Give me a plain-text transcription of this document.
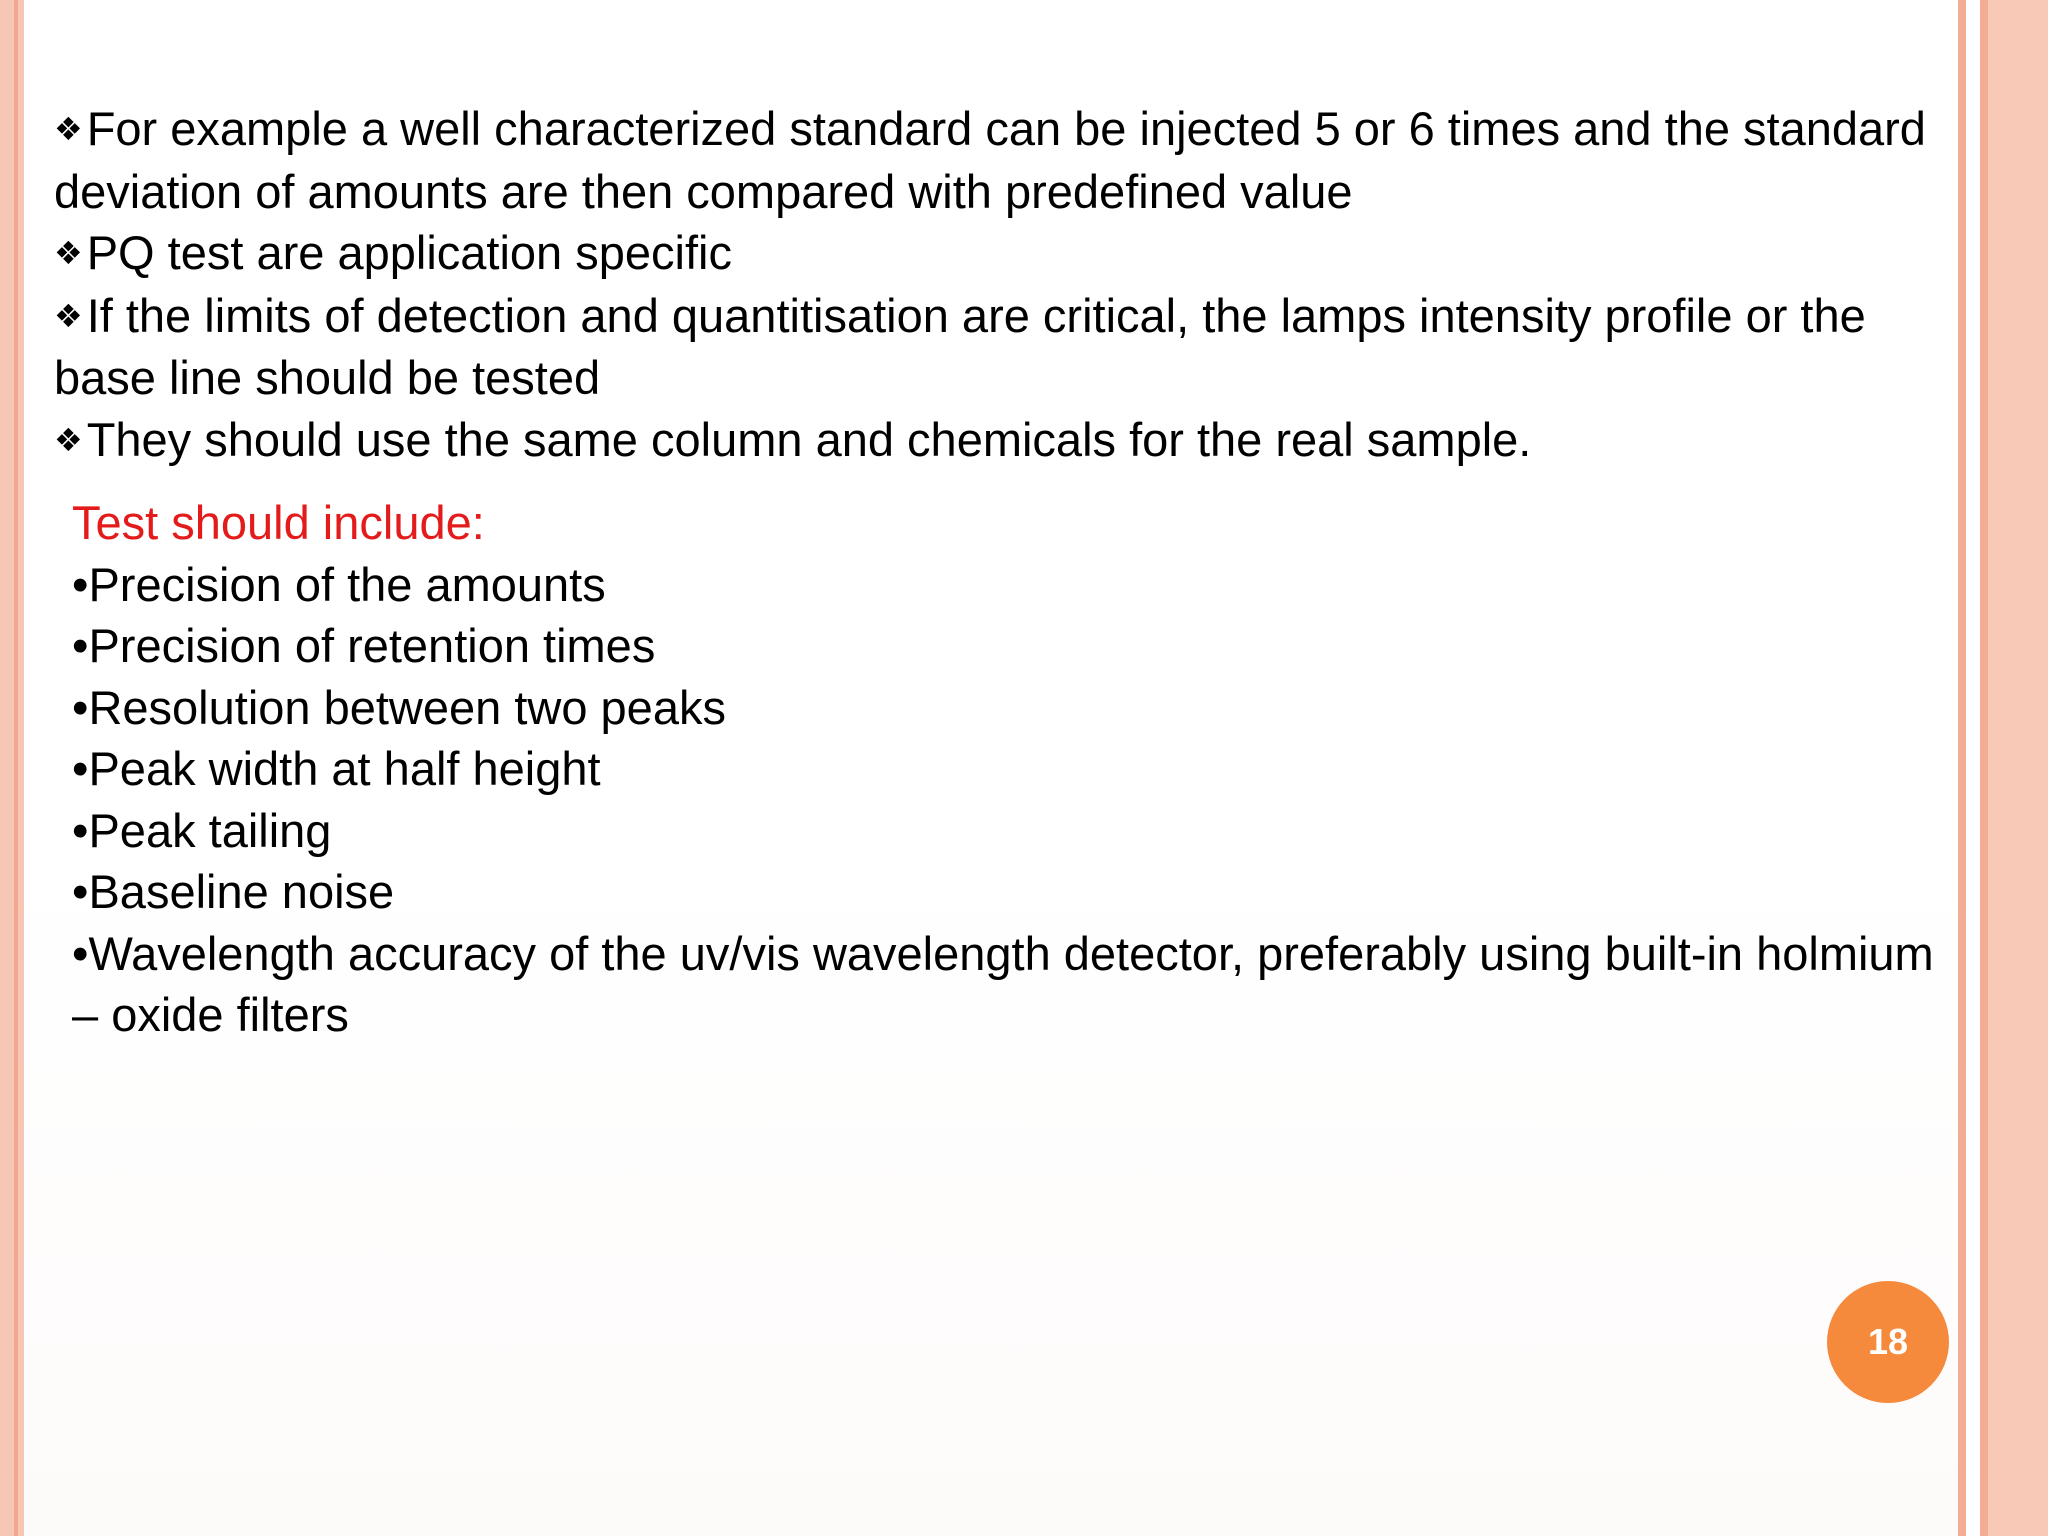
❖For example a well characterized standard can be injected 5 or 6 times and the standard deviation of amounts are then compared with predefined value

❖PQ test are application specific

❖If the limits of detection and quantitisation are critical, the lamps intensity profile or the base line should be tested

❖They should use the same column and chemicals for the real sample.

Test should include:

•Precision of the amounts

•Precision of retention times

•Resolution between two peaks

•Peak width at half height

•Peak tailing

•Baseline noise

•Wavelength accuracy of the uv/vis wavelength detector, preferably using built-in holmium – oxide filters

18
